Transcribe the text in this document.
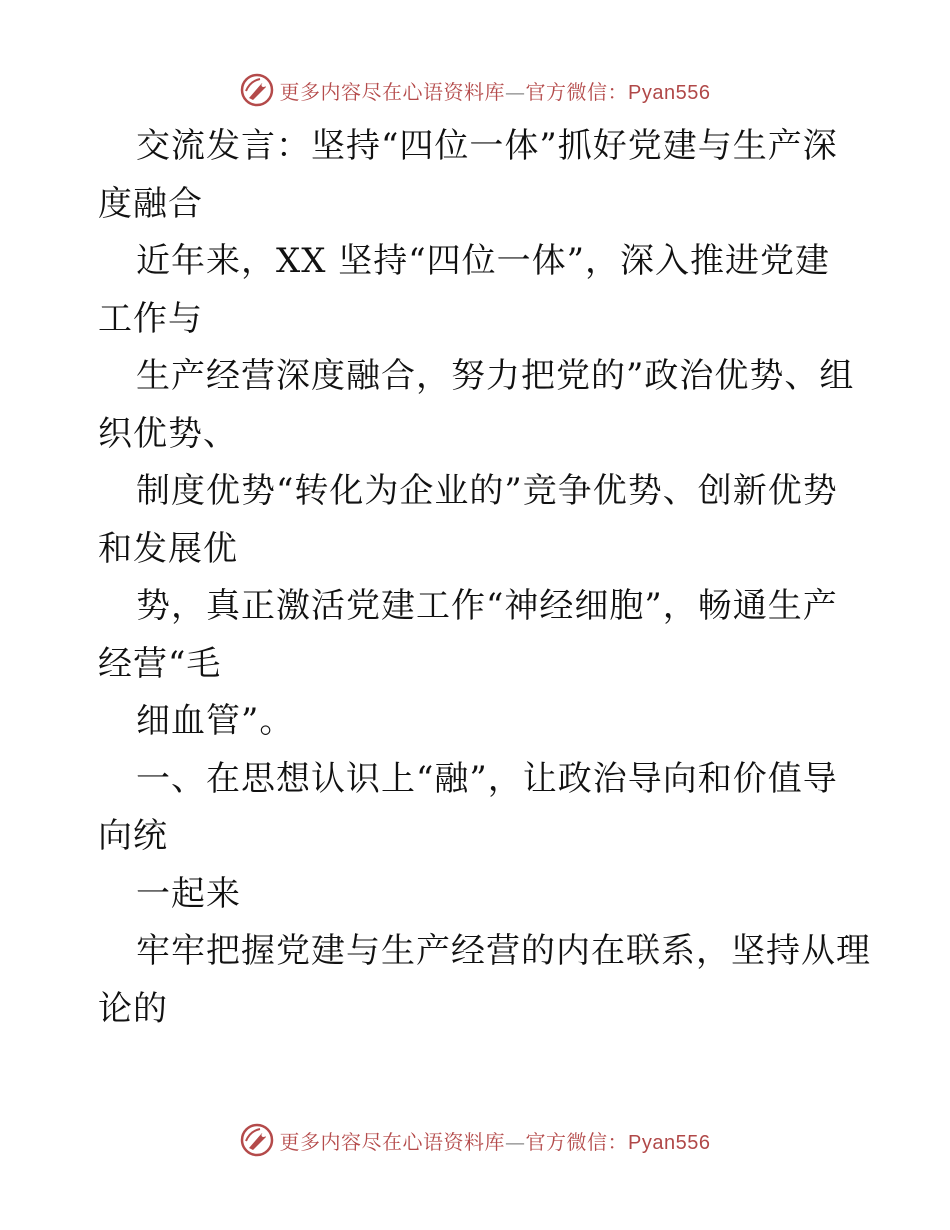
更多内容尽在心语资料库—官方微信：Pyan556
交流发言：坚持“四位一体”抓好党建与生产深
度融合
近年来，XX 坚持“四位一体”，深入推进党建
工作与
生产经营深度融合，努力把党的”政治优势、组
织优势、
制度优势“转化为企业的”竞争优势、创新优势
和发展优
势，真正激活党建工作“神经细胞”，畅通生产
经营“毛
细血管”。
一、在思想认识上“融”，让政治导向和价值导
向统
一起来
牢牢把握党建与生产经营的内在联系，坚持从理
论的
更多内容尽在心语资料库—官方微信：Pyan556
